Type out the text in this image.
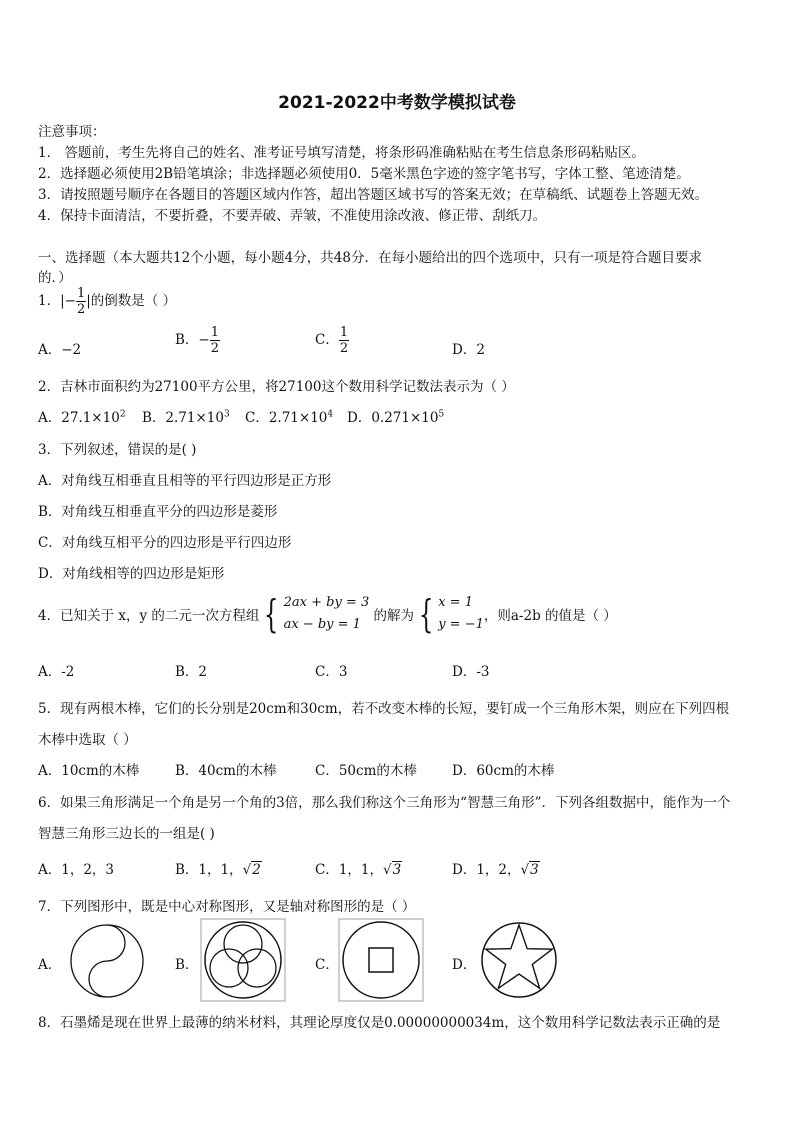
2021-2022中考数学模拟试卷
注意事项：
1． 答题前，考生先将自己的姓名、准考证号填写清楚，将条形码准确粘贴在考生信息条形码粘贴区。
2．选择题必须使用2B铅笔填涂；非选择题必须使用0．5毫米黑色字迹的签字笔书写，字体工整、笔迹清楚。
3．请按照题号顺序在各题目的答题区域内作答，超出答题区域书写的答案无效；在草稿纸、试题卷上答题无效。
4．保持卡面清洁，不要折叠，不要弄破、弄皱，不准使用涂改液、修正带、刮纸刀。
一、选择题（本大题共12个小题，每小题4分，共48分．在每小题给出的四个选项中，只有一项是符合题目要求
的．）
1．|− $\frac{1}{2}$ |的倒数是（ ）
A．−2
B．− $\frac{1}{2}$	C． $\frac{1}{2}$	D．2
2．吉林市面积约为27100平方公里，将27100这个数用科学记数法表示为（ ）
A．$27.1\times 10^2$ B．$2.71\times 10^3$ C．$2.71\times 10^4$ D．$0.271\times 10^5$
3．下列叙述，错误的是( )
A．对角线互相垂直且相等的平行四边形是正方形
B．对角线互相垂直平分的四边形是菱形
C．对角线互相平分的四边形是平行四边形
D．对角线相等的四边形是矩形
4．已知关于 x，y 的二元一次方程组 { 2ax + by = 3
ax − by = 1
的解为 { x = 1
y = −1
，则a-2b 的值是（ ）
A．-2	B．2	C．3	D．-3
5．现有两根木棒，它们的长分别是20cm和30cm，若不改变木棒的长短，要钉成一个三角形木架，则应在下列四根
木棒中选取（ ）
A．10cm的木棒	B．40cm的木棒	C．50cm的木棒	D．60cm的木棒
6．如果三角形满足一个角是另一个角的3倍，那么我们称这个三角形为“智慧三角形”．下列各组数据中，能作为一个
智慧三角形三边长的一组是( )
A．1，2，3	B．1，1，√2	C．1，1，√3	D．1，2，√3
7．下列图形中，既是中心对称图形，又是轴对称图形的是（ ）
A．	B．	C．	D．
8．石墨烯是现在世界上最薄的纳米材料，其理论厚度仅是0.00000000034m，这个数用科学记数法表示正确的是
